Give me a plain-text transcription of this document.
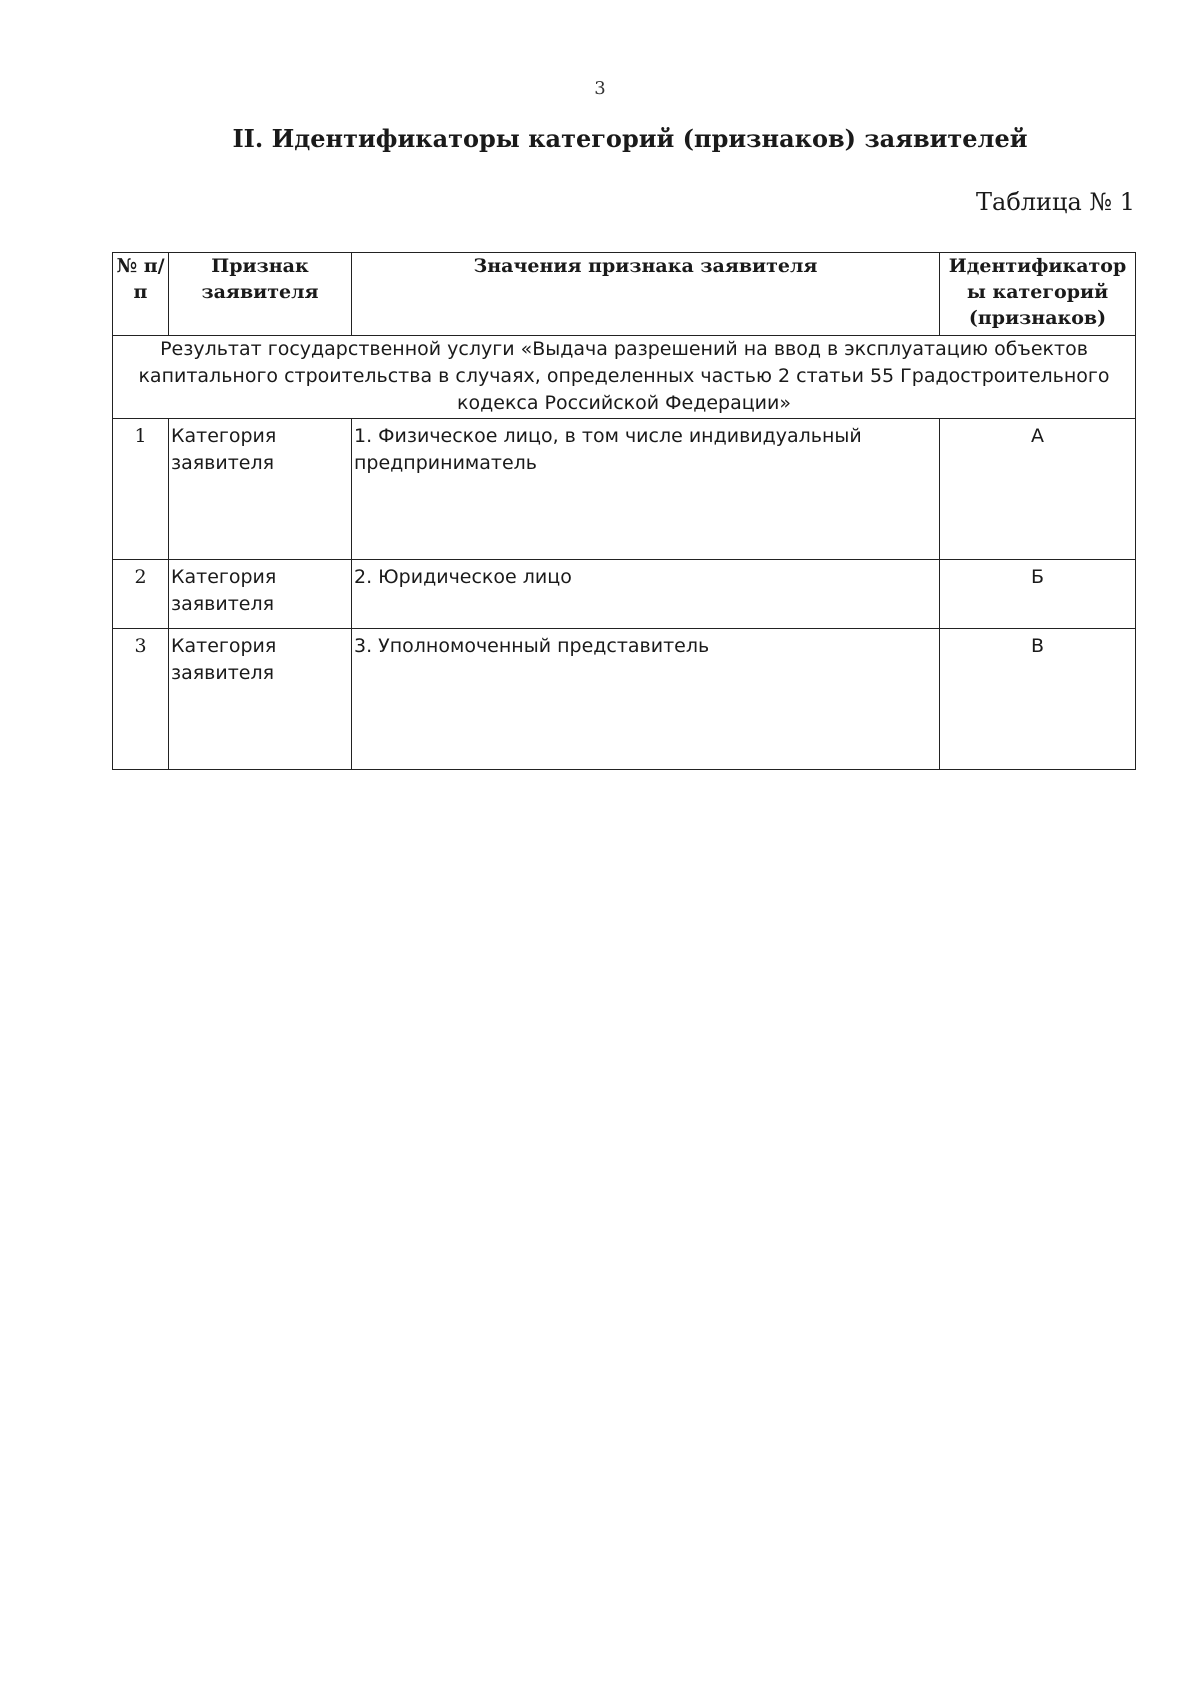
3
II. Идентификаторы категорий (признаков) заявителей
Таблица № 1
№ п/п	Признак заявителя	Значения признака заявителя	Идентификатор ы категорий (признаков)
Результат государственной услуги «Выдача разрешений на ввод в эксплуатацию объектов капитального строительства в случаях, определенных частью 2 статьи 55 Градостроительного кодекса Российской Федерации»			
1	Категория заявителя	1. Физическое лицо, в том числе индивидуальный предприниматель	А
2	Категория заявителя	2. Юридическое лицо	Б
3	Категория заявителя	3. Уполномоченный представитель	В
